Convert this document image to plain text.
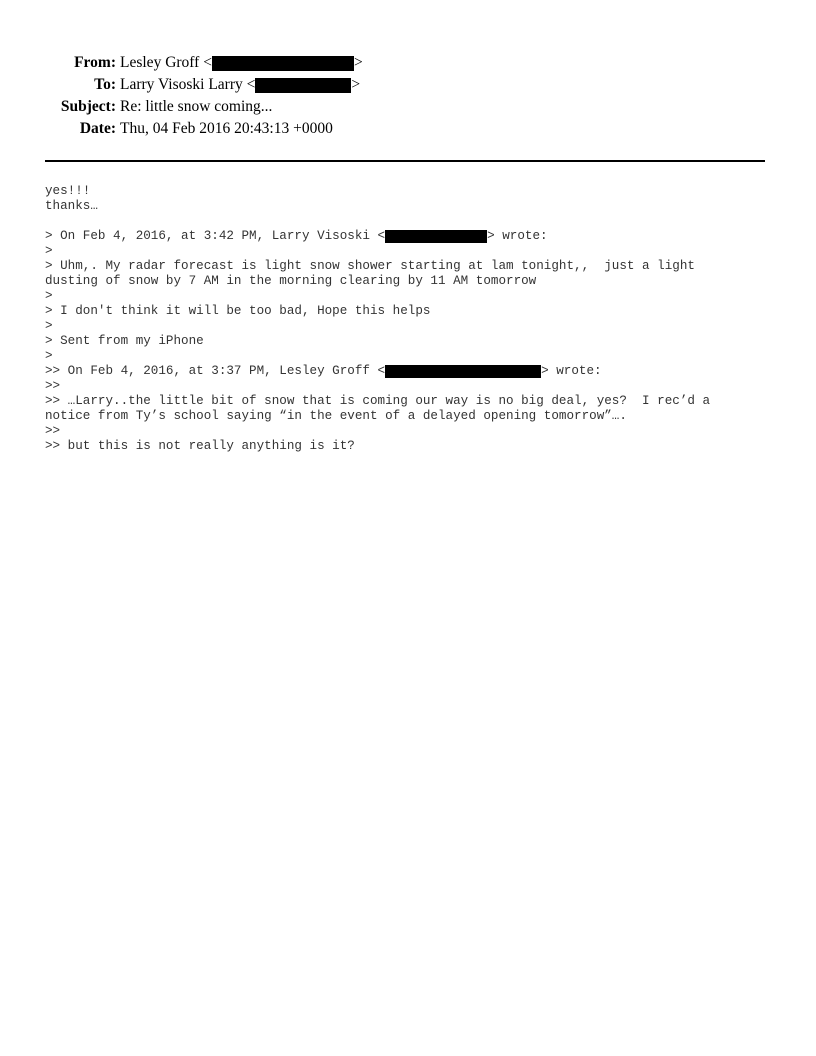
From: Lesley Groff <	>
To: Larry Visoski Larry <	>
Subject: Re: little snow coming...
Date: Thu, 04 Feb 2016 20:43:13 +0000
yes!!!
thanks…
> On Feb 4, 2016, at 3:42 PM, Larry Visoski <	> wrote:
>
> Uhm,. My radar forecast is light snow shower starting at lam tonight,,  just a light
dusting of snow by 7 AM in the morning clearing by 11 AM tomorrow
>
> I don't think it will be too bad, Hope this helps
>
> Sent from my iPhone
>
>> On Feb 4, 2016, at 3:37 PM, Lesley Groff <	> wrote:
>>
>> …Larry..the little bit of snow that is coming our way is no big deal, yes?  I rec’d a
notice from Ty’s school saying “in the event of a delayed opening tomorrow”….
>>
>> but this is not really anything is it?
